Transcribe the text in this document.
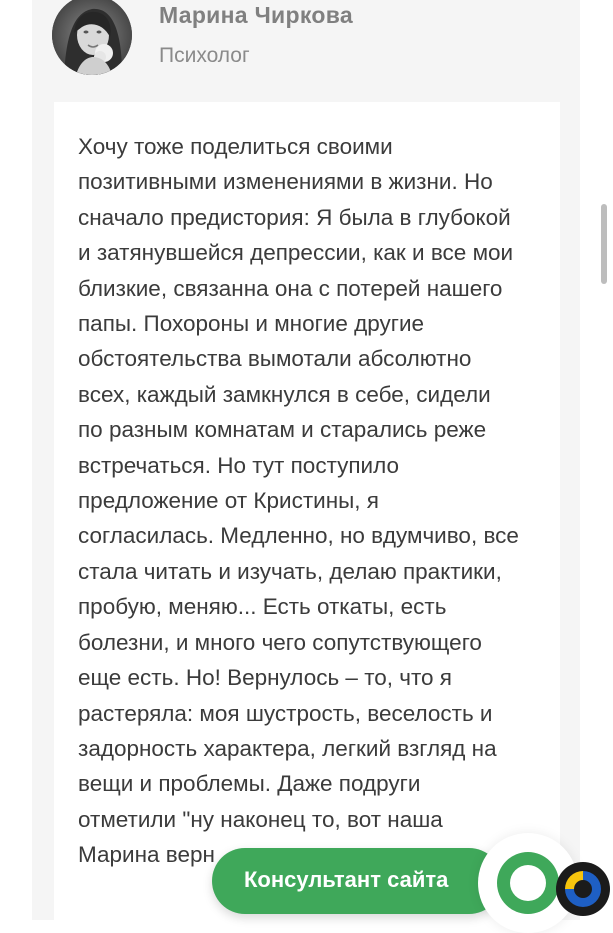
Марина Чиркова
Психолог
Хочу тоже поделиться своими
позитивными изменениями в жизни. Но
сначало предистория: Я была в глубокой
и затянувшейся депрессии, как и все мои
близкие, связанна она с потерей нашего
папы. Похороны и многие другие
обстоятельства вымотали абсолютно
всех, каждый замкнулся в себе, сидели
по разным комнатам и старались реже
встречаться. Но тут поступило
предложение от Кристины, я
согласилась. Медленно, но вдумчиво, все
стала читать и изучать, делаю практики,
пробую, меняю... Есть откаты, есть
болезни, и много чего сопутствующего
еще есть. Но! Вернулось – то, что я
растеряла: моя шустрость, веселость и
задорность характера, легкий взгляд на
вещи и проблемы. Даже подруги
отметили "ну наконец то, вот наша
Марина верн
Консультант сайта
